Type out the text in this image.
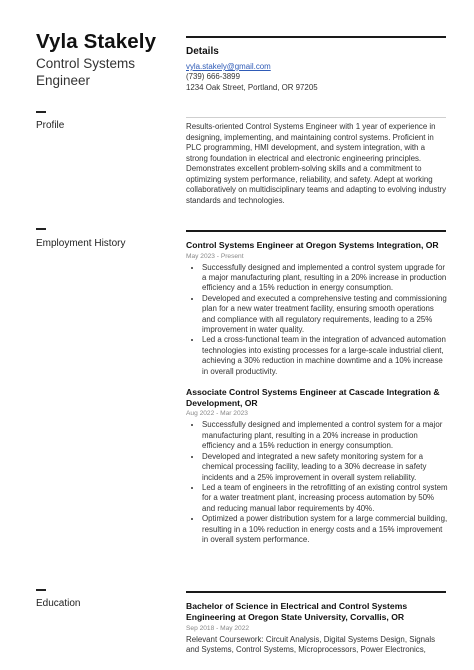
Vyla Stakely
Control Systems Engineer
Details
vyla.stakely@gmail.com
(739) 666-3899
1234 Oak Street, Portland, OR 97205
Profile	Results-oriented Control Systems Engineer with 1 year of experience in designing, implementing, and maintaining control systems. Proficient in PLC programming, HMI development, and system integration, with a strong foundation in electrical and electronic engineering principles. Demonstrates excellent problem-solving skills and a commitment to optimizing system performance, reliability, and safety. Adept at working collaboratively on multidisciplinary teams and adapting to evolving industry standards and technologies.
Employment History	Control Systems Engineer at Oregon Systems Integration, OR
May 2023 - Present
• Successfully designed and implemented a control system upgrade for a major manufacturing plant, resulting in a 20% increase in production efficiency and a 15% reduction in energy consumption.
• Developed and executed a comprehensive testing and commissioning plan for a new water treatment facility, ensuring smooth operations and compliance with all regulatory requirements, leading to a 25% improvement in water quality.
• Led a cross-functional team in the integration of advanced automation technologies into existing processes for a large-scale industrial client, achieving a 30% reduction in machine downtime and a 10% increase in overall productivity.
Associate Control Systems Engineer at Cascade Integration & Development, OR
Aug 2022 - Mar 2023
• Successfully designed and implemented a control system for a major manufacturing plant, resulting in a 20% increase in production efficiency and a 15% reduction in energy consumption.
• Developed and integrated a new safety monitoring system for a chemical processing facility, leading to a 30% decrease in safety incidents and a 25% improvement in overall system reliability.
• Led a team of engineers in the retrofitting of an existing control system for a water treatment plant, increasing process automation by 50% and reducing manual labor requirements by 40%.
• Optimized a power distribution system for a large commercial building, resulting in a 10% reduction in energy costs and a 15% improvement in overall system performance.
Education	Bachelor of Science in Electrical and Control Systems Engineering at Oregon State University, Corvallis, OR
Sep 2018 - May 2022
Relevant Coursework: Circuit Analysis, Digital Systems Design, Signals and Systems, Control Systems, Microprocessors, Power Electronics,
